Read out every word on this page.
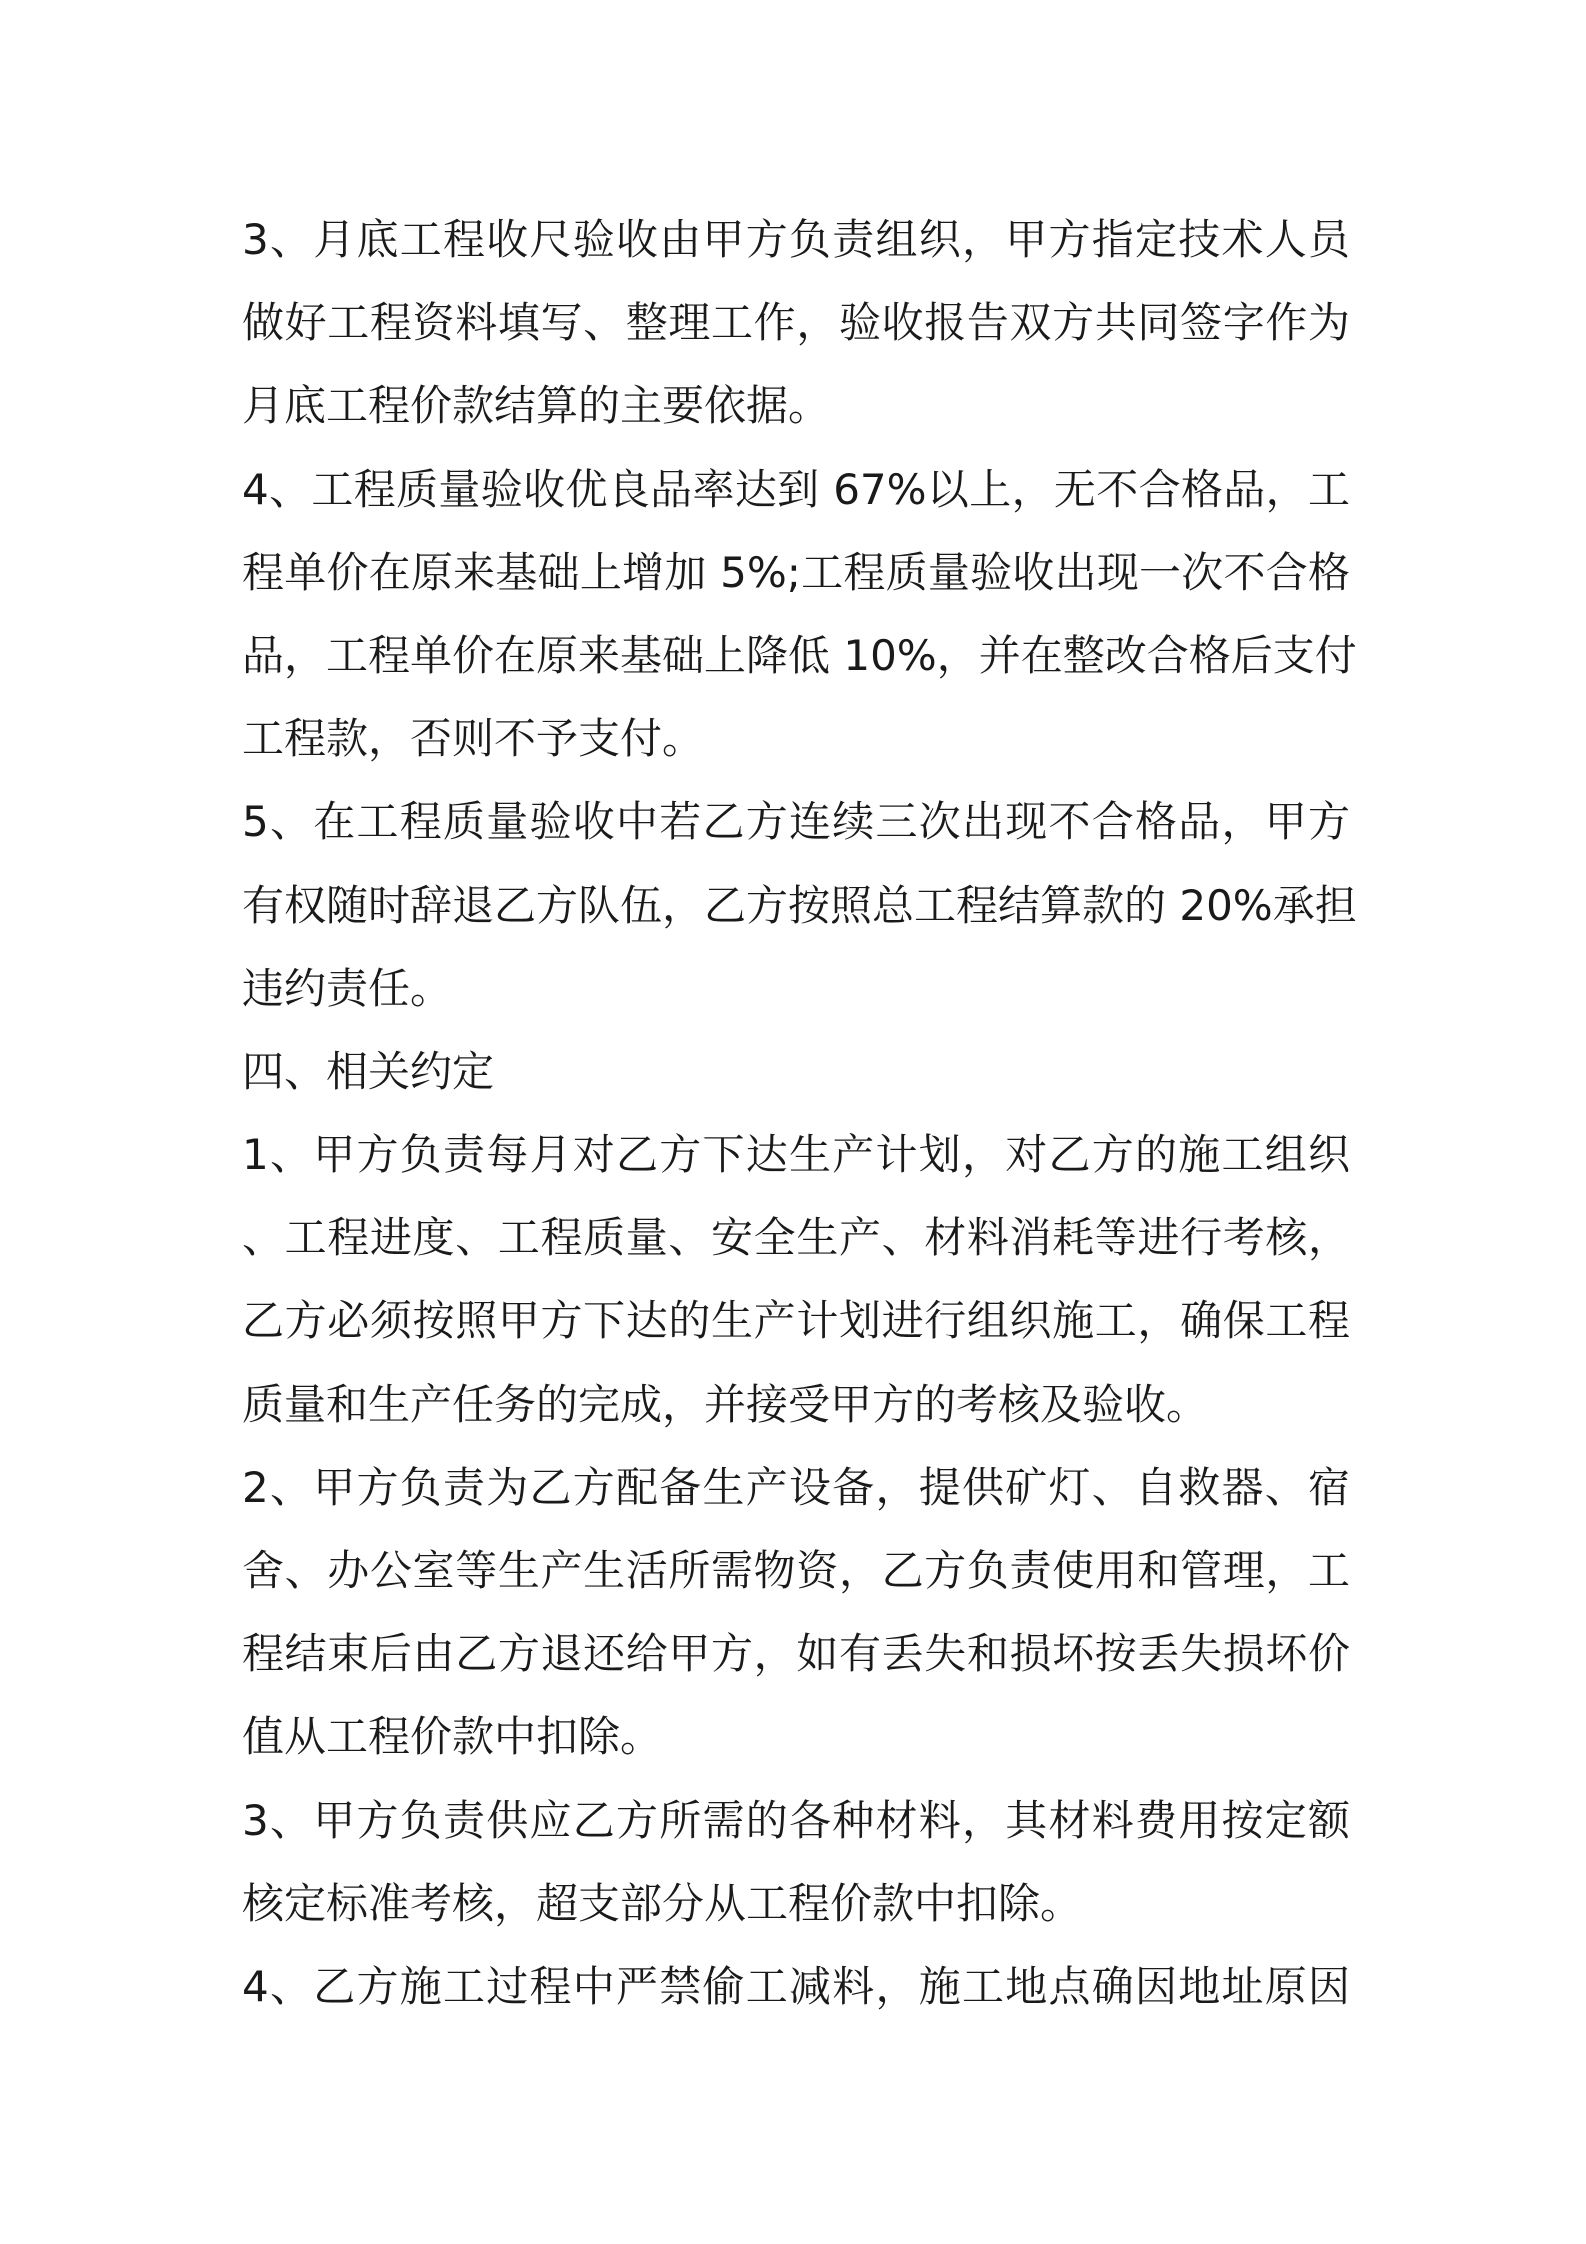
3、月底工程收尺验收由甲方负责组织，甲方指定技术人员
做好工程资料填写、整理工作，验收报告双方共同签字作为
月底工程价款结算的主要依据。
4、工程质量验收优良品率达到 67%以上，无不合格品，工
程单价在原来基础上增加 5%;工程质量验收出现一次不合格
品，工程单价在原来基础上降低 10%，并在整改合格后支付
工程款，否则不予支付。
5、在工程质量验收中若乙方连续三次出现不合格品，甲方
有权随时辞退乙方队伍，乙方按照总工程结算款的 20%承担
违约责任。
四、相关约定
1、甲方负责每月对乙方下达生产计划，对乙方的施工组织
、工程进度、工程质量、安全生产、材料消耗等进行考核，
乙方必须按照甲方下达的生产计划进行组织施工，确保工程
质量和生产任务的完成，并接受甲方的考核及验收。
2、甲方负责为乙方配备生产设备，提供矿灯、自救器、宿
舍、办公室等生产生活所需物资，乙方负责使用和管理，工
程结束后由乙方退还给甲方，如有丢失和损坏按丢失损坏价
值从工程价款中扣除。
3、甲方负责供应乙方所需的各种材料，其材料费用按定额
核定标准考核，超支部分从工程价款中扣除。
4、乙方施工过程中严禁偷工减料，施工地点确因地址原因
